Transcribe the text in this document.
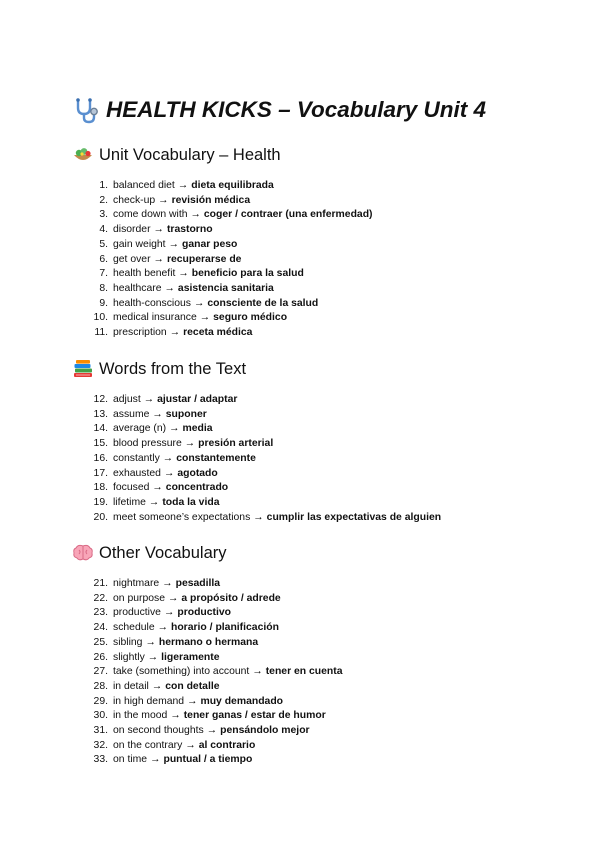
HEALTH KICKS – Vocabulary Unit 4
Unit Vocabulary – Health
1. balanced diet → dieta equilibrada
2. check-up → revisión médica
3. come down with → coger / contraer (una enfermedad)
4. disorder → trastorno
5. gain weight → ganar peso
6. get over → recuperarse de
7. health benefit → beneficio para la salud
8. healthcare → asistencia sanitaria
9. health-conscious → consciente de la salud
10. medical insurance → seguro médico
11. prescription → receta médica
Words from the Text
12. adjust → ajustar / adaptar
13. assume → suponer
14. average (n) → media
15. blood pressure → presión arterial
16. constantly → constantemente
17. exhausted → agotado
18. focused → concentrado
19. lifetime → toda la vida
20. meet someone’s expectations → cumplir las expectativas de alguien
Other Vocabulary
21. nightmare → pesadilla
22. on purpose → a propósito / adrede
23. productive → productivo
24. schedule → horario / planificación
25. sibling → hermano o hermana
26. slightly → ligeramente
27. take (something) into account → tener en cuenta
28. in detail → con detalle
29. in high demand → muy demandado
30. in the mood → tener ganas / estar de humor
31. on second thoughts → pensándolo mejor
32. on the contrary → al contrario
33. on time → puntual / a tiempo
